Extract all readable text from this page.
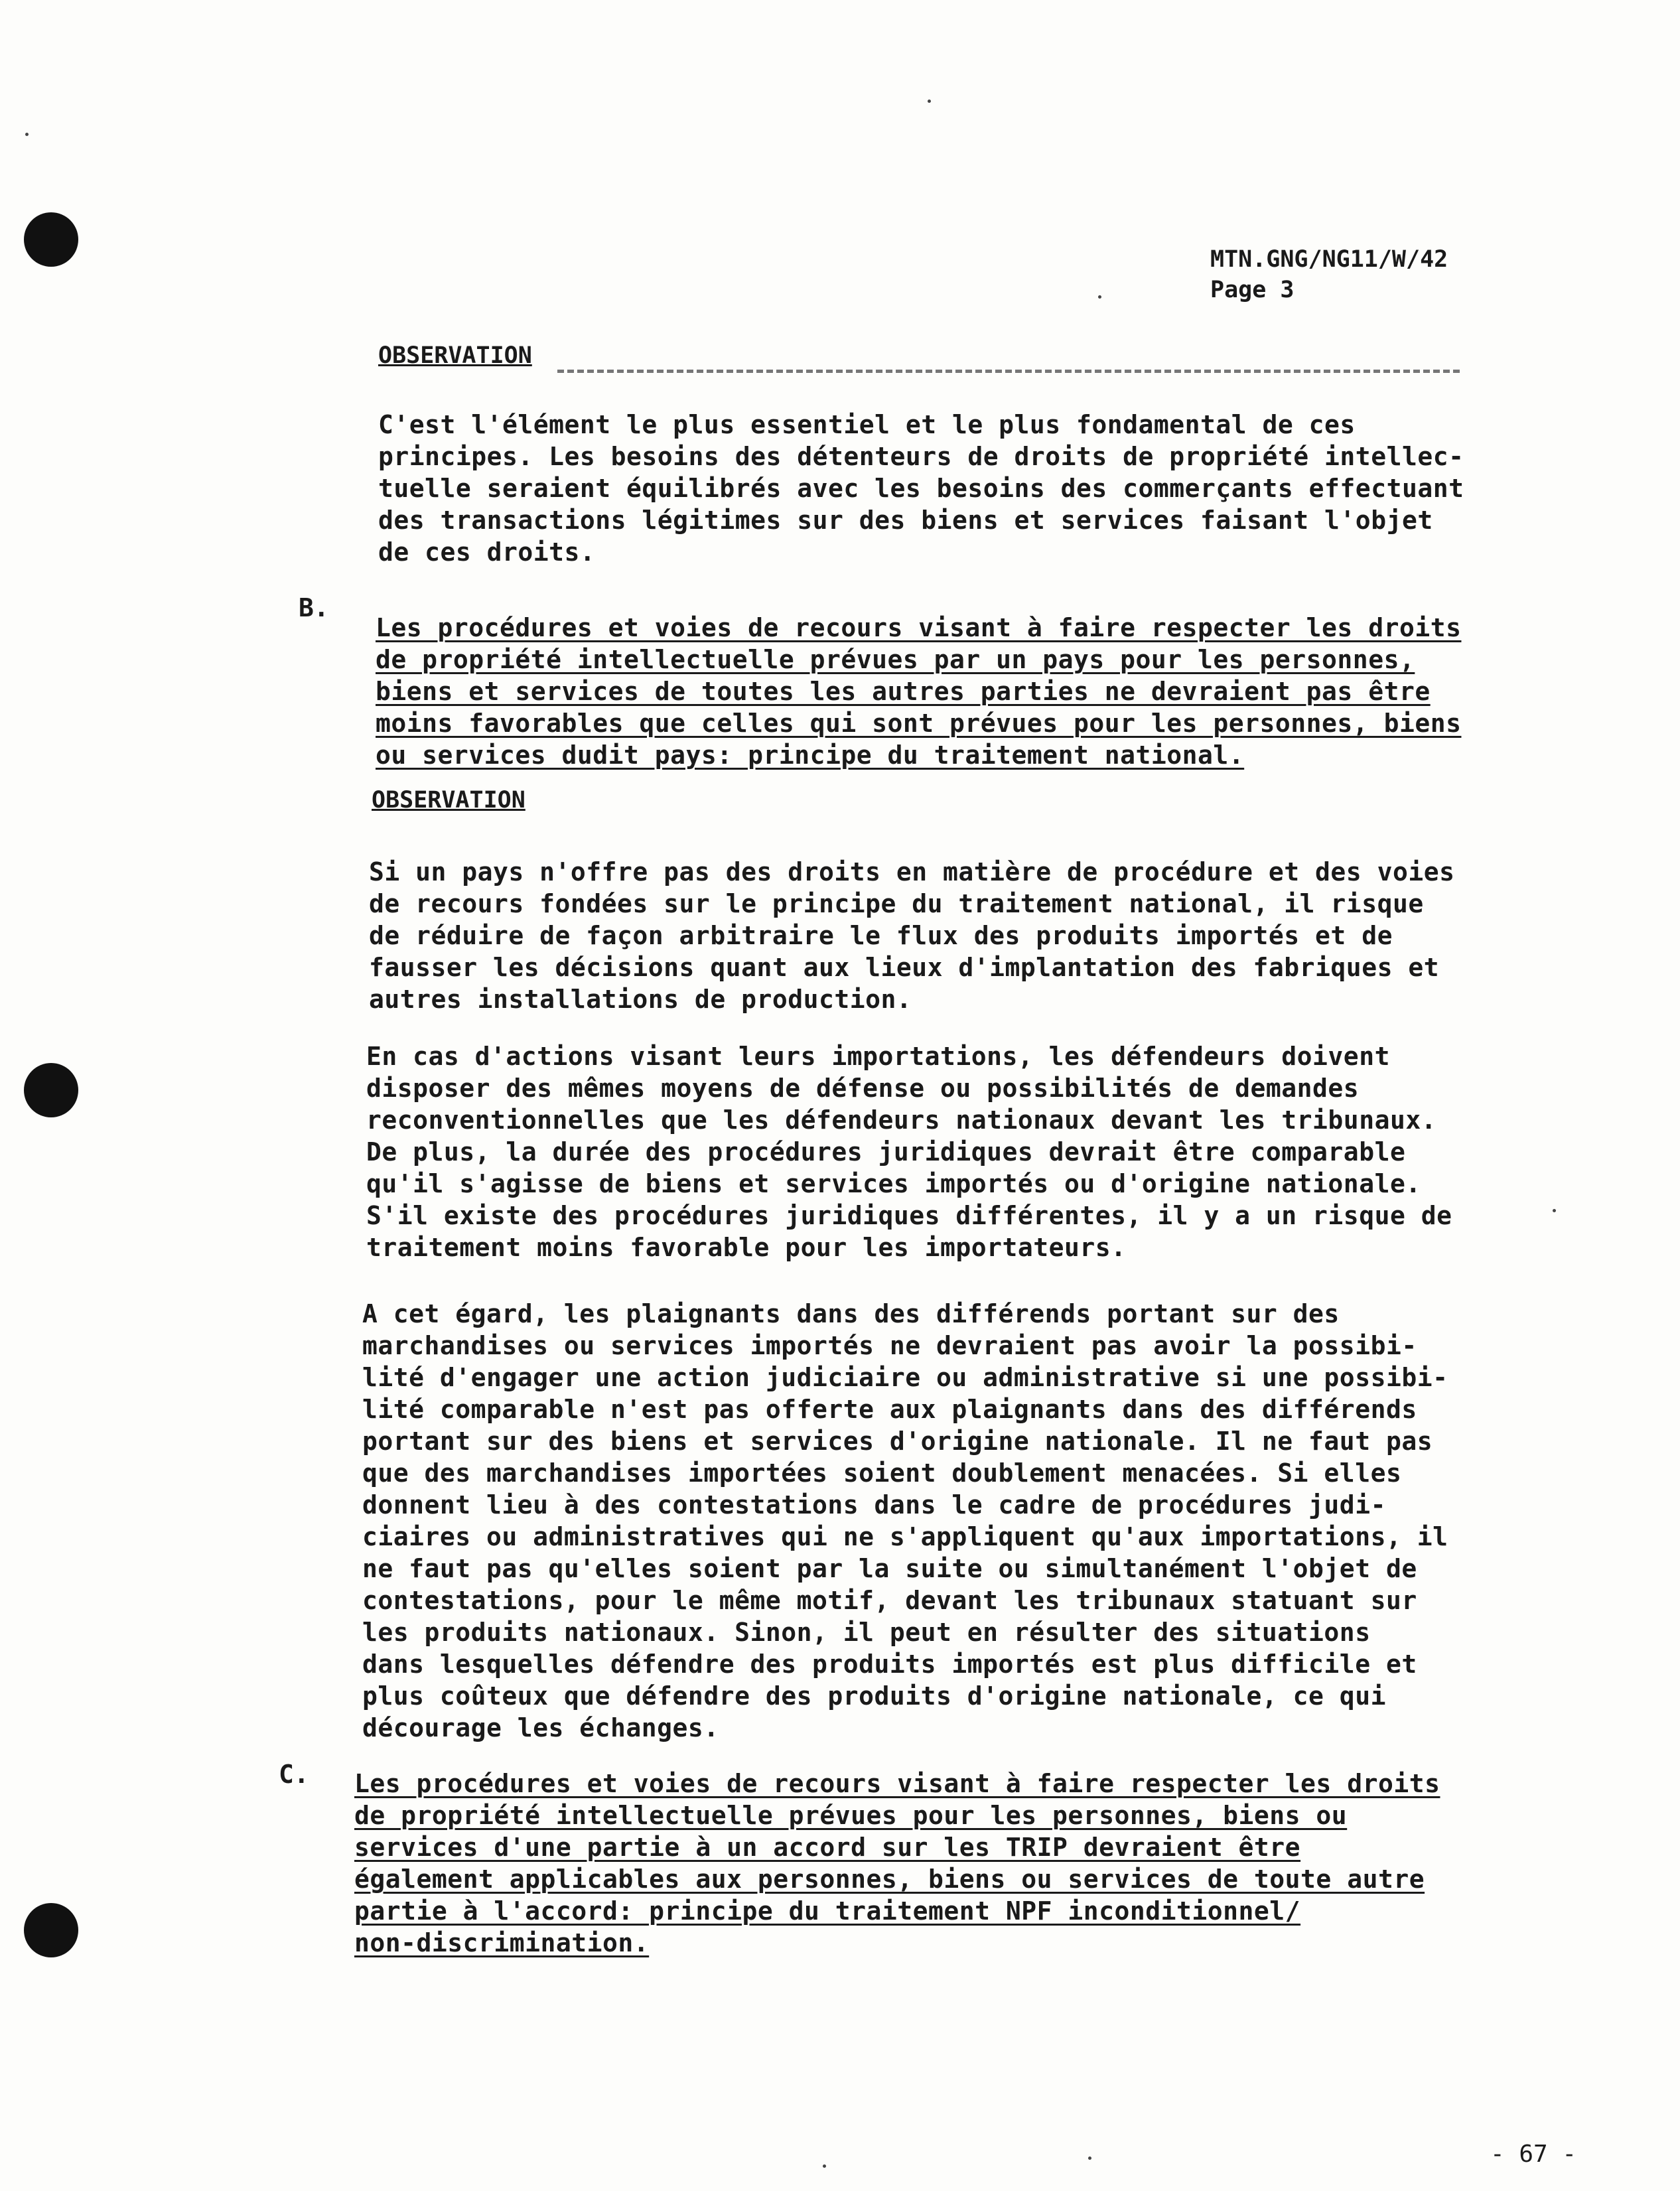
MTN.GNG/NG11/W/42
Page 3
OBSERVATION
C'est l'élément le plus essentiel et le plus fondamental de ces
principes. Les besoins des détenteurs de droits de propriété intellec-
tuelle seraient équilibrés avec les besoins des commerçants effectuant
des transactions légitimes sur des biens et services faisant l'objet
de ces droits.
B.
Les procédures et voies de recours visant à faire respecter les droits
de propriété intellectuelle prévues par un pays pour les personnes,
biens et services de toutes les autres parties ne devraient pas être
moins favorables que celles qui sont prévues pour les personnes, biens
ou services dudit pays: principe du traitement national.
OBSERVATION
Si un pays n'offre pas des droits en matière de procédure et des voies
de recours fondées sur le principe du traitement national, il risque
de réduire de façon arbitraire le flux des produits importés et de
fausser les décisions quant aux lieux d'implantation des fabriques et
autres installations de production.
En cas d'actions visant leurs importations, les défendeurs doivent
disposer des mêmes moyens de défense ou possibilités de demandes
reconventionnelles que les défendeurs nationaux devant les tribunaux.
De plus, la durée des procédures juridiques devrait être comparable
qu'il s'agisse de biens et services importés ou d'origine nationale.
S'il existe des procédures juridiques différentes, il y a un risque de
traitement moins favorable pour les importateurs.
A cet égard, les plaignants dans des différends portant sur des
marchandises ou services importés ne devraient pas avoir la possibi-
lité d'engager une action judiciaire ou administrative si une possibi-
lité comparable n'est pas offerte aux plaignants dans des différends
portant sur des biens et services d'origine nationale. Il ne faut pas
que des marchandises importées soient doublement menacées. Si elles
donnent lieu à des contestations dans le cadre de procédures judi-
ciaires ou administratives qui ne s'appliquent qu'aux importations, il
ne faut pas qu'elles soient par la suite ou simultanément l'objet de
contestations, pour le même motif, devant les tribunaux statuant sur
les produits nationaux. Sinon, il peut en résulter des situations
dans lesquelles défendre des produits importés est plus difficile et
plus coûteux que défendre des produits d'origine nationale, ce qui
décourage les échanges.
C. Les procédures et voies de recours visant à faire respecter les droits
de propriété intellectuelle prévues pour les personnes, biens ou
services d'une partie à un accord sur les TRIP devraient être
également applicables aux personnes, biens ou services de toute autre
partie à l'accord: principe du traitement NPF inconditionnel/
non-discrimination.
- 67 -
